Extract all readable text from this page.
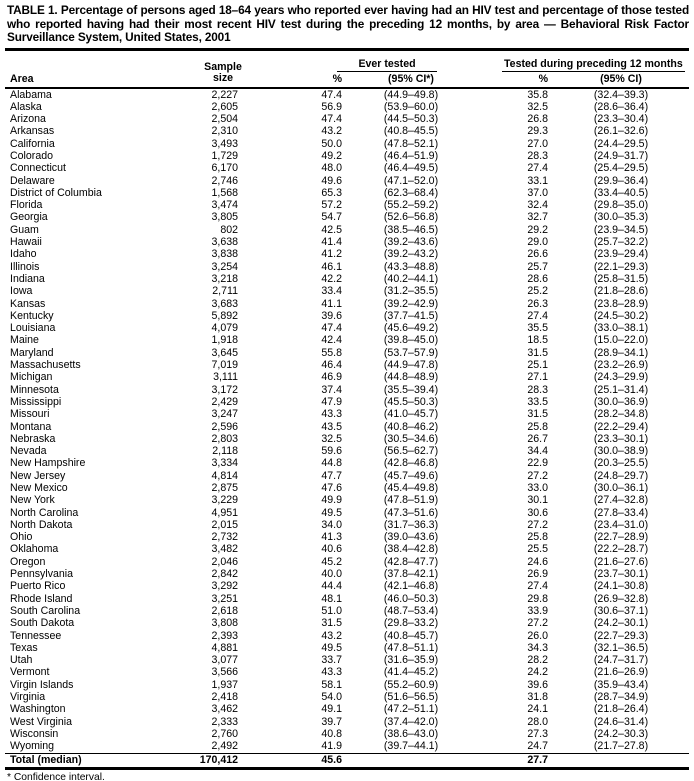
TABLE 1. Percentage of persons aged 18–64 years who reported ever having had an HIV test and percentage of those tested who reported having had their most recent HIV test during the preceding 12 months, by area — Behavioral Risk Factor Surveillance System, United States, 2001
Area	Sample
size	Ever tested		Tested during preceding 12 months		
		%	(95% CI*)	%	(95% CI)	
Alabama	2,227	47.4	(44.9–49.8)	35.8	(32.4–39.3)	
Alaska	2,605	56.9	(53.9–60.0)	32.5	(28.6–36.4)	
Arizona	2,504	47.4	(44.5–50.3)	26.8	(23.3–30.4)	
Arkansas	2,310	43.2	(40.8–45.5)	29.3	(26.1–32.6)	
California	3,493	50.0	(47.8–52.1)	27.0	(24.4–29.5)	
Colorado	1,729	49.2	(46.4–51.9)	28.3	(24.9–31.7)	
Connecticut	6,170	48.0	(46.4–49.5)	27.4	(25.4–29.5)	
Delaware	2,746	49.6	(47.1–52.0)	33.1	(29.9–36.4)	
District of Columbia	1,568	65.3	(62.3–68.4)	37.0	(33.4–40.5)	
Florida	3,474	57.2	(55.2–59.2)	32.4	(29.8–35.0)	
Georgia	3,805	54.7	(52.6–56.8)	32.7	(30.0–35.3)	
Guam	802	42.5	(38.5–46.5)	29.2	(23.9–34.5)	
Hawaii	3,638	41.4	(39.2–43.6)	29.0	(25.7–32.2)	
Idaho	3,838	41.2	(39.2–43.2)	26.6	(23.9–29.4)	
Illinois	3,254	46.1	(43.3–48.8)	25.7	(22.1–29.3)	
Indiana	3,218	42.2	(40.2–44.1)	28.6	(25.8–31.5)	
Iowa	2,711	33.4	(31.2–35.5)	25.2	(21.8–28.6)	
Kansas	3,683	41.1	(39.2–42.9)	26.3	(23.8–28.9)	
Kentucky	5,892	39.6	(37.7–41.5)	27.4	(24.5–30.2)	
Louisiana	4,079	47.4	(45.6–49.2)	35.5	(33.0–38.1)	
Maine	1,918	42.4	(39.8–45.0)	18.5	(15.0–22.0)	
Maryland	3,645	55.8	(53.7–57.9)	31.5	(28.9–34.1)	
Massachusetts	7,019	46.4	(44.9–47.8)	25.1	(23.2–26.9)	
Michigan	3,111	46.9	(44.8–48.9)	27.1	(24.3–29.9)	
Minnesota	3,172	37.4	(35.5–39.4)	28.3	(25.1–31.4)	
Mississippi	2,429	47.9	(45.5–50.3)	33.5	(30.0–36.9)	
Missouri	3,247	43.3	(41.0–45.7)	31.5	(28.2–34.8)	
Montana	2,596	43.5	(40.8–46.2)	25.8	(22.2–29.4)	
Nebraska	2,803	32.5	(30.5–34.6)	26.7	(23.3–30.1)	
Nevada	2,118	59.6	(56.5–62.7)	34.4	(30.0–38.9)	
New Hampshire	3,334	44.8	(42.8–46.8)	22.9	(20.3–25.5)	
New Jersey	4,814	47.7	(45.7–49.6)	27.2	(24.8–29.7)	
New Mexico	2,875	47.6	(45.4–49.8)	33.0	(30.0–36.1)	
New York	3,229	49.9	(47.8–51.9)	30.1	(27.4–32.8)	
North Carolina	4,951	49.5	(47.3–51.6)	30.6	(27.8–33.4)	
North Dakota	2,015	34.0	(31.7–36.3)	27.2	(23.4–31.0)	
Ohio	2,732	41.3	(39.0–43.6)	25.8	(22.7–28.9)	
Oklahoma	3,482	40.6	(38.4–42.8)	25.5	(22.2–28.7)	
Oregon	2,046	45.2	(42.8–47.7)	24.6	(21.6–27.6)	
Pennsylvania	2,842	40.0	(37.8–42.1)	26.9	(23.7–30.1)	
Puerto Rico	3,292	44.4	(42.1–46.8)	27.4	(24.1–30.8)	
Rhode Island	3,251	48.1	(46.0–50.3)	29.8	(26.9–32.8)	
South Carolina	2,618	51.0	(48.7–53.4)	33.9	(30.6–37.1)	
South Dakota	3,808	31.5	(29.8–33.2)	27.2	(24.2–30.1)	
Tennessee	2,393	43.2	(40.8–45.7)	26.0	(22.7–29.3)	
Texas	4,881	49.5	(47.8–51.1)	34.3	(32.1–36.5)	
Utah	3,077	33.7	(31.6–35.9)	28.2	(24.7–31.7)	
Vermont	3,566	43.3	(41.4–45.2)	24.2	(21.6–26.9)	
Virgin Islands	1,937	58.1	(55.2–60.9)	39.6	(35.9–43.4)	
Virginia	2,418	54.0	(51.6–56.5)	31.8	(28.7–34.9)	
Washington	3,462	49.1	(47.2–51.1)	24.1	(21.8–26.4)	
West Virginia	2,333	39.7	(37.4–42.0)	28.0	(24.6–31.4)	
Wisconsin	2,760	40.8	(38.6–43.0)	27.3	(24.2–30.3)	
Wyoming	2,492	41.9	(39.7–44.1)	24.7	(21.7–27.8)	
Total (median)	170,412	45.6		27.7		
* Confidence interval.
